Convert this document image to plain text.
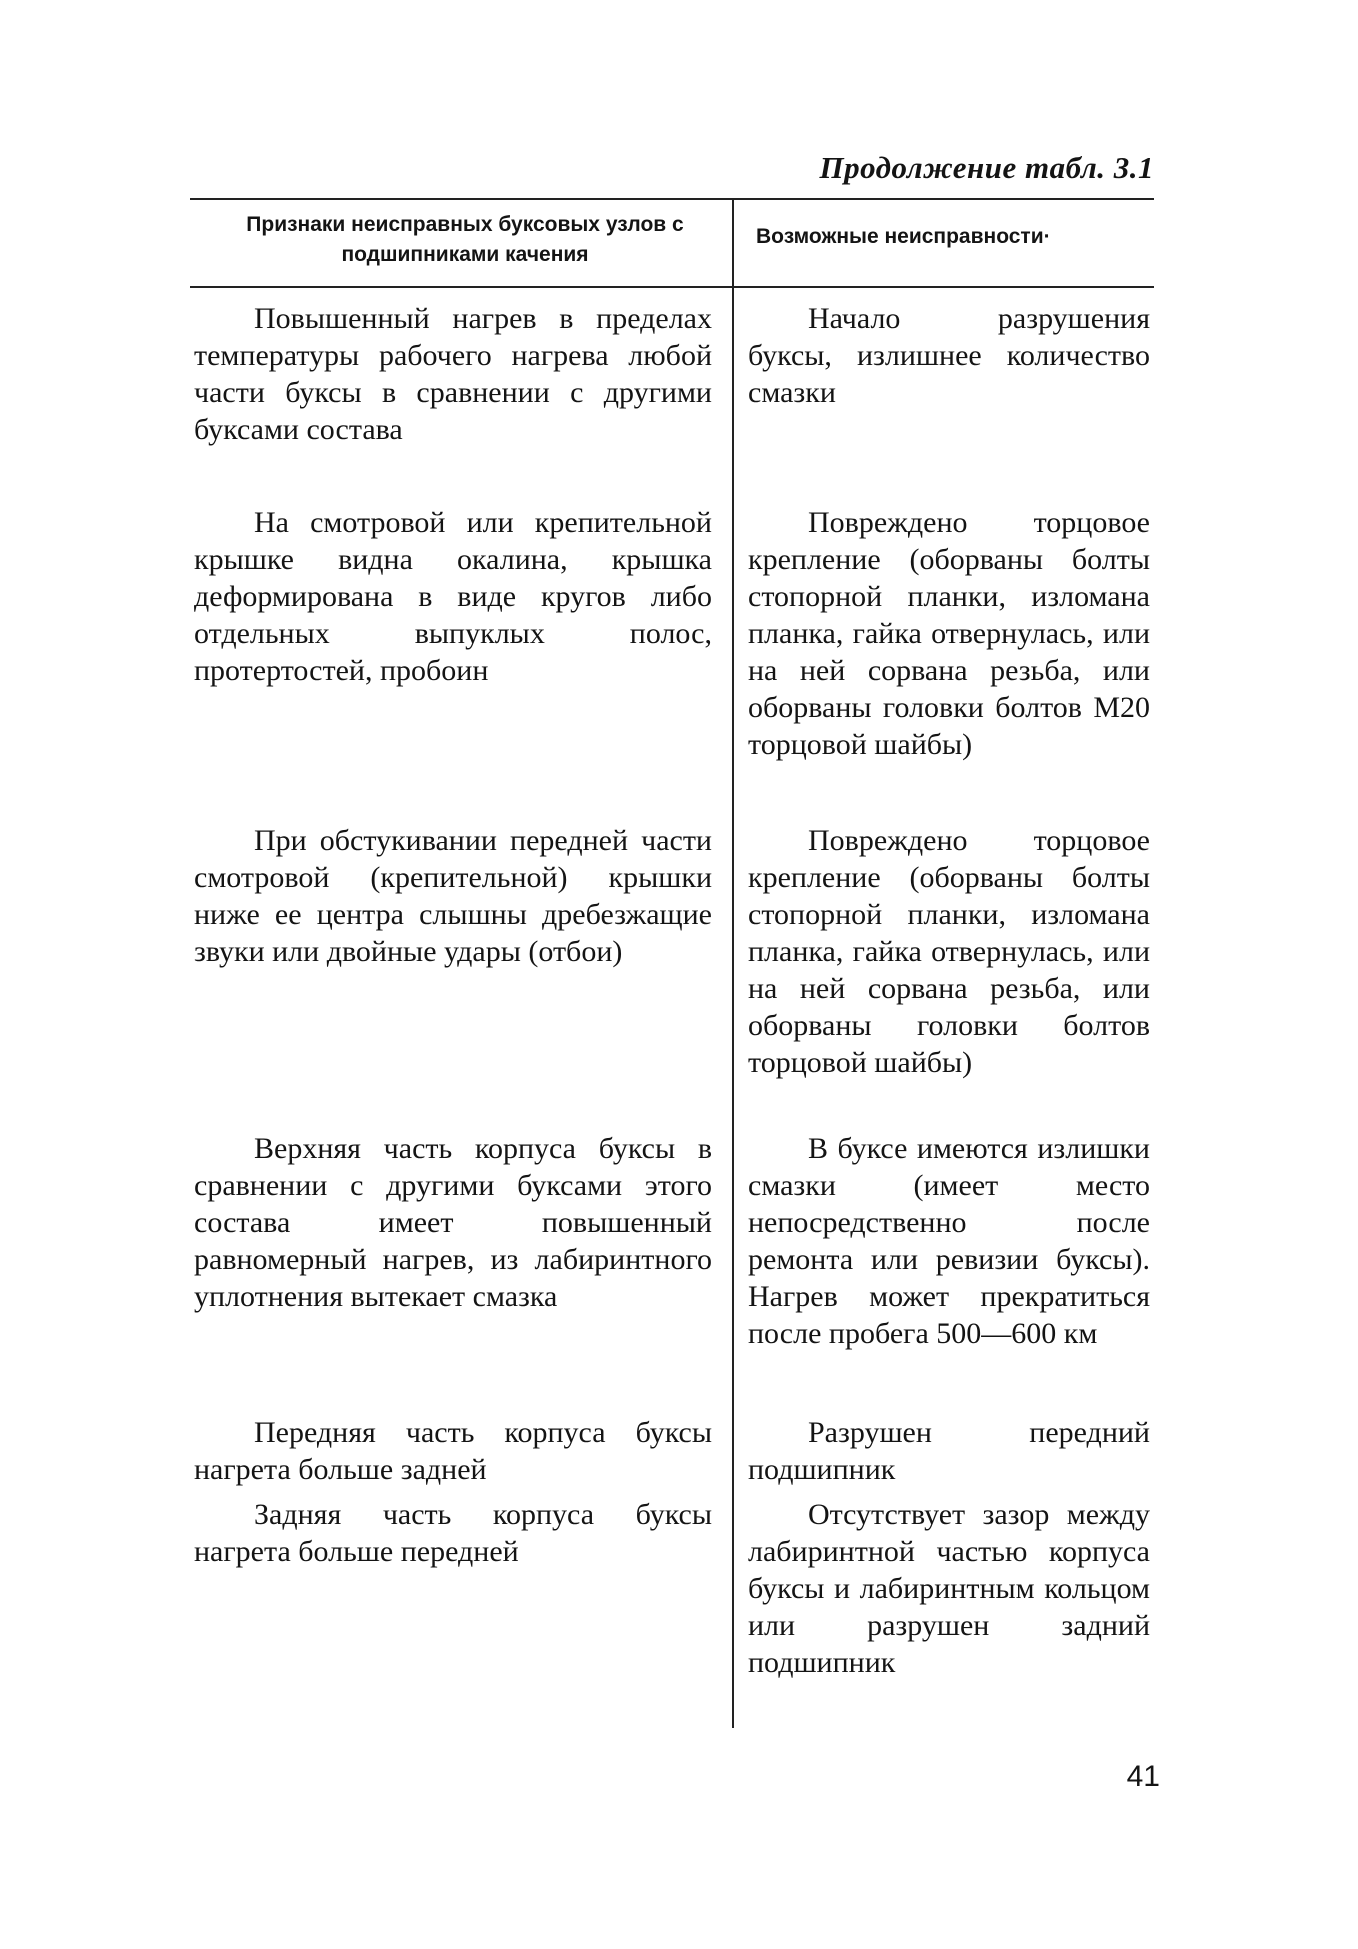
Продолжение табл. 3.1
Признаки неисправных буксовых узлов с подшипниками качения
Возможные неисправности·

Повышенный нагрев в пределах температуры рабочего нагрева любой части буксы в сравнении с другими буксами состава

Начало разрушения буксы, излишнее количество смазки

На смотровой или крепительной крышке видна окалина, крышка деформирована в виде кругов либо отдельных выпуклых полос, протертостей, пробоин

Повреждено торцовое крепление (оборваны болты стопорной планки, изломана планка, гайка отвернулась, или на ней сорвана резьба, или оборваны головки болтов М20 торцовой шайбы)

При обстукивании передней части смотровой (крепительной) крышки ниже ее центра слышны дребезжащие звуки или двойные удары (отбои)

Повреждено торцовое крепление (оборваны болты стопорной планки, изломана планка, гайка отвернулась, или на ней сорвана резьба, или оборваны головки болтов торцовой шайбы)

Верхняя часть корпуса буксы в сравнении с другими буксами этого состава имеет повышенный равномерный нагрев, из лабиринтного уплотнения вытекает смазка

В буксе имеются излишки смазки (имеет место непосредственно после ремонта или ревизии буксы). Нагрев может прекратиться после пробега 500—600 км

Передняя часть корпуса буксы нагрета больше задней

Разрушен передний подшипник

Задняя часть корпуса буксы нагрета больше передней

Отсутствует зазор между лабиринтной частью корпуса буксы и лабиринтным кольцом или разрушен задний подшипник

41
